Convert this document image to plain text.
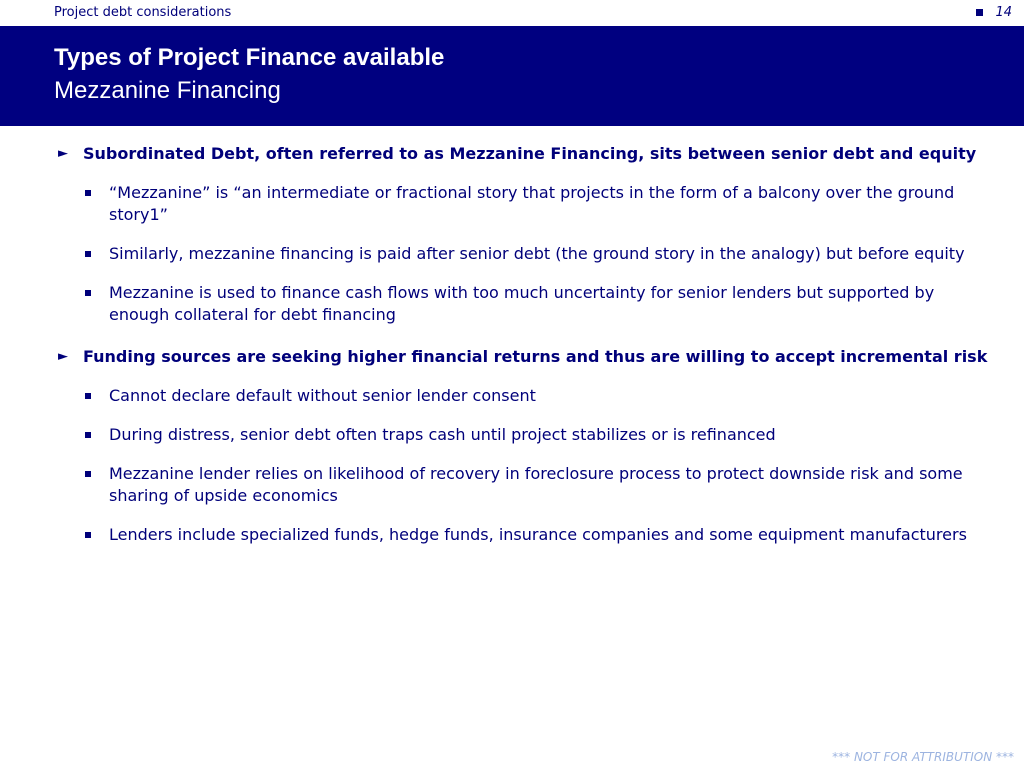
Project debt considerations	14
Types of Project Finance available
Mezzanine Financing
► Subordinated Debt, often referred to as Mezzanine Financing, sits between senior debt and equity
“Mezzanine” is “an intermediate or fractional story that projects in the form of a balcony over the ground story1”
Similarly, mezzanine financing is paid after senior debt (the ground story in the analogy) but before equity
Mezzanine is used to finance cash flows with too much uncertainty for senior lenders but supported by enough collateral for debt financing
► Funding sources are seeking higher financial returns and thus are willing to accept incremental risk
Cannot declare default without senior lender consent
During distress, senior debt often traps cash until project stabilizes or is refinanced
Mezzanine lender relies on likelihood of recovery in foreclosure process to protect downside risk and some sharing of upside economics
Lenders include specialized funds, hedge funds, insurance companies and some equipment manufacturers
*** NOT FOR ATTRIBUTION ***
